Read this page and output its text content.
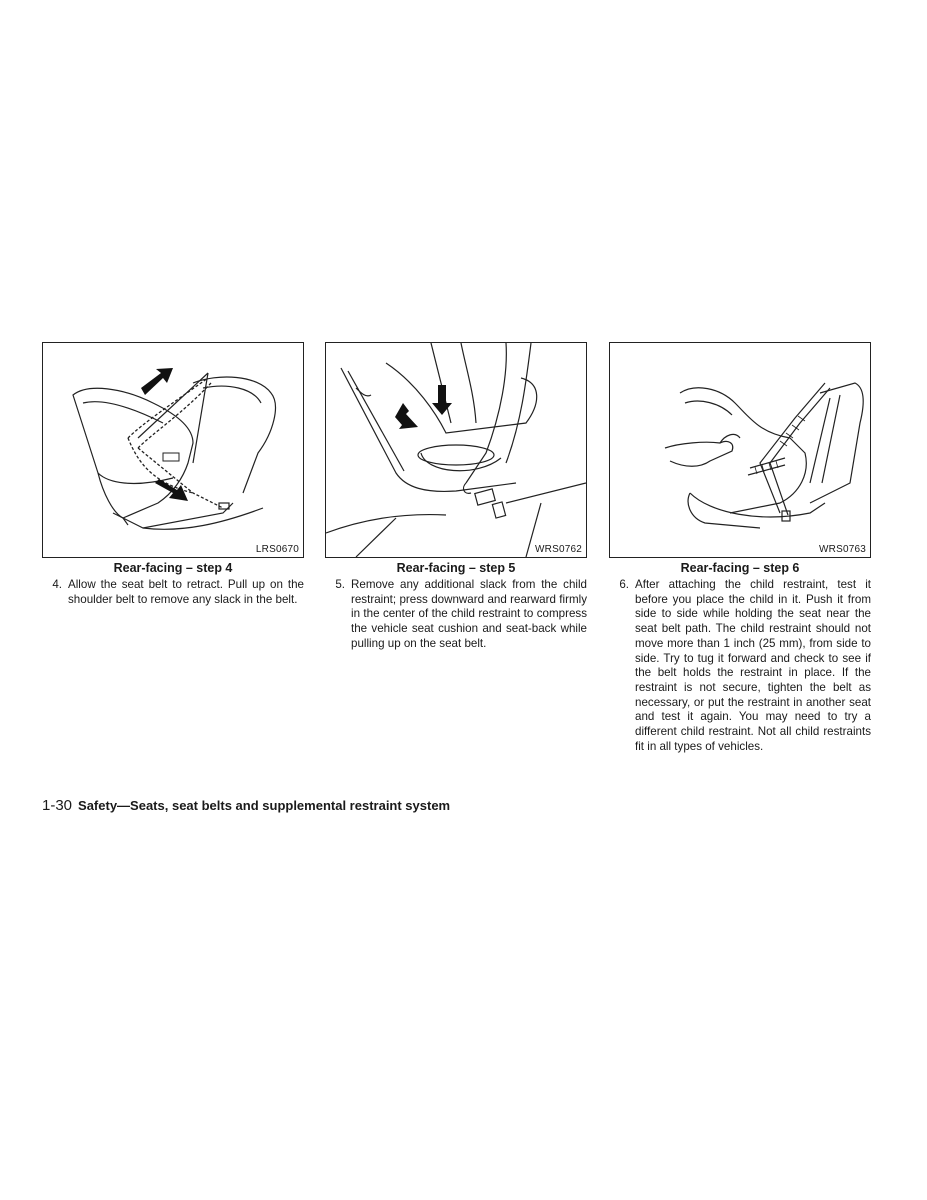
LRS0670
Rear-facing – step 4
4. Allow the seat belt to retract. Pull up on the shoulder belt to remove any slack in the belt.
WRS0762
Rear-facing – step 5
5. Remove any additional slack from the child restraint; press downward and rearward firmly in the center of the child restraint to compress the vehicle seat cushion and seat-back while pulling up on the seat belt.
WRS0763
Rear-facing – step 6
6. After attaching the child restraint, test it before you place the child in it. Push it from side to side while holding the seat near the seat belt path. The child restraint should not move more than 1 inch (25 mm), from side to side. Try to tug it forward and check to see if the belt holds the restraint in place. If the restraint is not secure, tighten the belt as necessary, or put the restraint in another seat and test it again. You may need to try a different child restraint. Not all child restraints fit in all types of vehicles.
1-30 Safety—Seats, seat belts and supplemental restraint system
